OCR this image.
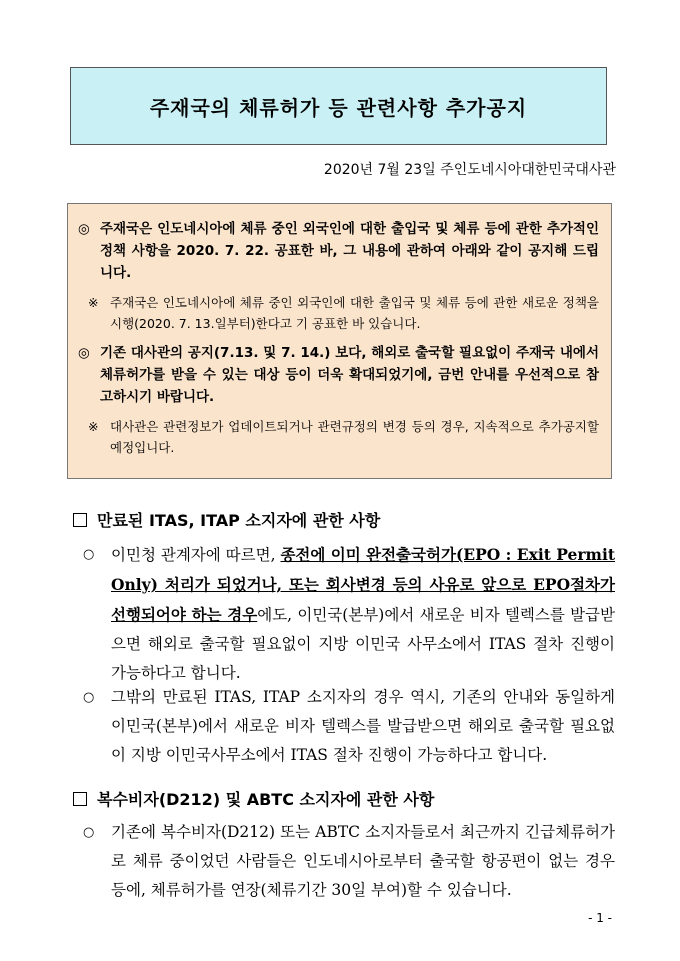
주재국의 체류허가 등 관련사항 추가공지
2020년 7월 23일 주인도네시아대한민국대사관
◎ 주재국은 인도네시아에 체류 중인 외국인에 대한 출입국 및 체류 등에 관한 추가적인 정책 사항을 2020. 7. 22. 공표한 바, 그 내용에 관하여 아래와 같이 공지해 드립니다.
※ 주재국은 인도네시아에 체류 중인 외국인에 대한 출입국 및 체류 등에 관한 새로운 정책을 시행(2020. 7. 13.일부터)한다고 기 공표한 바 있습니다.
◎ 기존 대사관의 공지(7.13. 및 7. 14.) 보다, 해외로 출국할 필요없이 주재국 내에서 체류허가를 받을 수 있는 대상 등이 더욱 확대되었기에, 금번 안내를 우선적으로 참고하시기 바랍니다.
※ 대사관은 관련정보가 업데이트되거나 관련규정의 변경 등의 경우, 지속적으로 추가공지할 예정입니다.
만료된 ITAS, ITAP 소지자에 관한 사항
○	이민청 관계자에 따르면, 종전에 이미 완전출국허가(EPO : Exit Permit Only) 처리가 되었거나, 또는 회사변경 등의 사유로 앞으로 EPO절차가 선행되어야 하는 경우에도, 이민국(본부)에서 새로운 비자 텔렉스를 발급받으면 해외로 출국할 필요없이 지방 이민국 사무소에서 ITAS 절차 진행이 가능하다고 합니다.
○	그밖의 만료된 ITAS, ITAP 소지자의 경우 역시, 기존의 안내와 동일하게 이민국(본부)에서 새로운 비자 텔렉스를 발급받으면 해외로 출국할 필요없이 지방 이민국사무소에서 ITAS 절차 진행이 가능하다고 합니다.
복수비자(D212) 및 ABTC 소지자에 관한 사항
○	기존에 복수비자(D212) 또는 ABTC 소지자들로서 최근까지 긴급체류허가로 체류 중이었던 사람들은 인도네시아로부터 출국할 항공편이 없는 경우 등에, 체류허가를 연장(체류기간 30일 부여)할 수 있습니다.
- 1 -
